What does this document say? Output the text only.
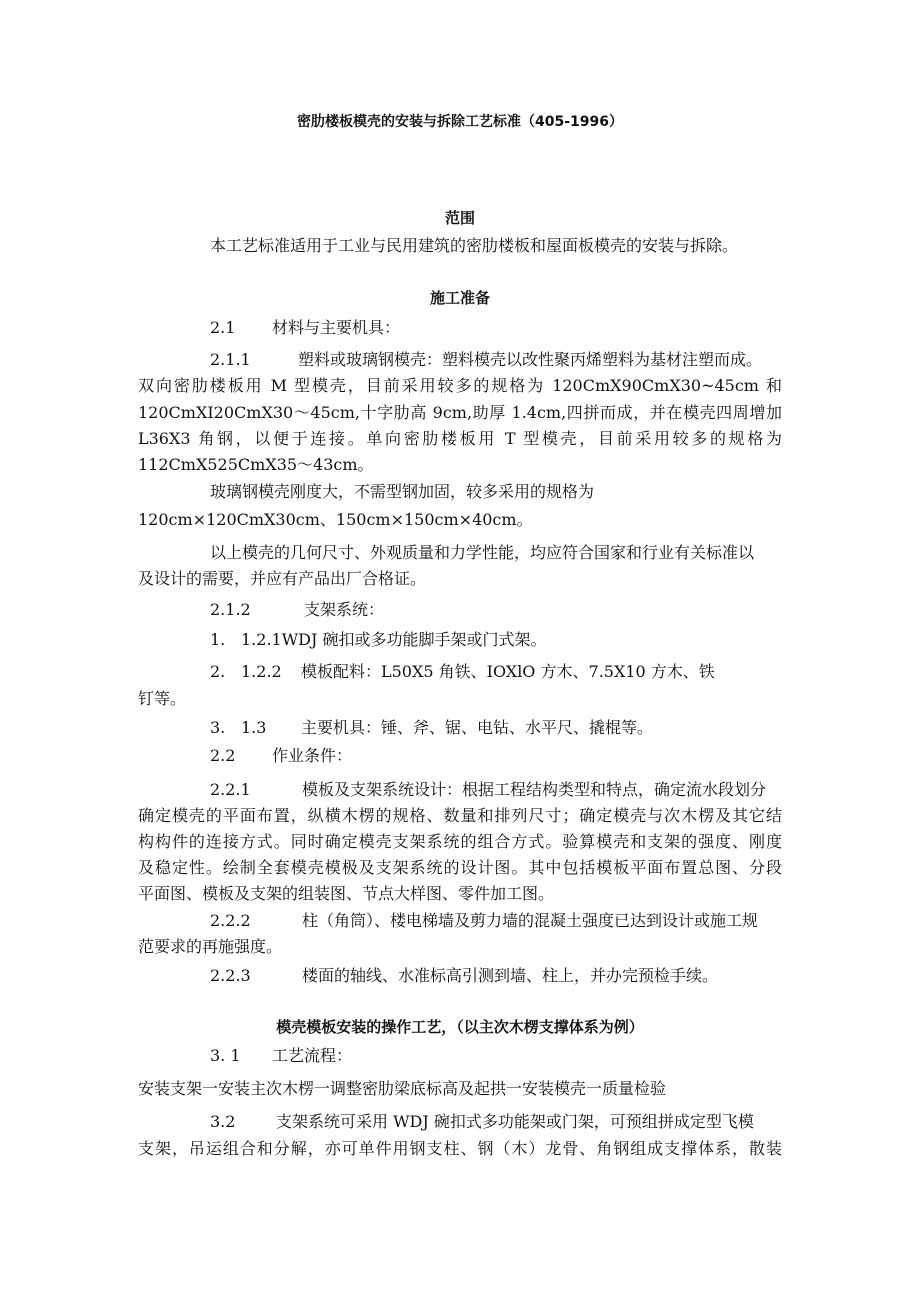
密肋楼板模壳的安装与拆除工艺标准（405-1996）
范围
本工艺标准适用于工业与民用建筑的密肋楼板和屋面板模壳的安装与拆除。
施工准备
2.1 材料与主要机具：
2.1.1	塑料或玻璃钢模壳：塑料模壳以改性聚丙烯塑料为基材注塑而成。
双向密肋楼板用 M 型模壳，目前采用较多的规格为 120CmX90CmX30~45cm 和
120CmXI20CmX30～45cm,十字肋高 9cm,助厚 1.4cm,四拼而成，并在模壳四周增加
L36X3 角钢，以便于连接。单向密肋楼板用 T 型模壳，目前采用较多的规格为
112CmX525CmX35～43cm。
玻璃钢模壳刚度大，不需型钢加固，较多采用的规格为
120cm×120CmX30cm、150cm×150cm×40cm。
以上模壳的几何尺寸、外观质量和力学性能，均应符合国家和行业有关标准以
及设计的需要，并应有产品出厂合格证。
2.1.2	支架系统：
1. 1.2.1WDJ 碗扣或多功能脚手架或门式架。
2. 1.2.2 模板配料：L50X5 角铁、IOXlO 方木、7.5X10 方木、铁
钉等。
3. 1.3 主要机具：锤、斧、锯、电钻、水平尺、撬棍等。
2.2 作业条件：
2.2.1	模板及支架系统设计：根据工程结构类型和特点，确定流水段划分
确定模壳的平面布置，纵横木楞的规格、数量和排列尺寸；确定模壳与次木楞及其它结
构构件的连接方式。同时确定模壳支架系统的组合方式。验算模壳和支架的强度、刚度
及稳定性。绘制全套模壳模极及支架系统的设计图。其中包括模板平面布置总图、分段
平面图、模板及支架的组装图、节点大样图、零件加工图。
2.2.2	柱（角筒）、楼电梯墙及剪力墙的混凝土强度已达到设计或施工规
范要求的再施强度。
2.2.3	楼面的轴线、水准标高引测到墙、柱上，并办完预检手续。
模壳模板安装的操作工艺，（以主次木楞支撑体系为例）
3. 1 工艺流程：
安装支架一安装主次木楞一调整密肋梁底标高及起拱一安装模壳一质量检验
3.2	支架系统可采用 WDJ 碗扣式多功能架或门架，可预组拼成定型飞模
支架，吊运组合和分解，亦可单件用钢支柱、钢（木）龙骨、角钢组成支撑体系，散装
